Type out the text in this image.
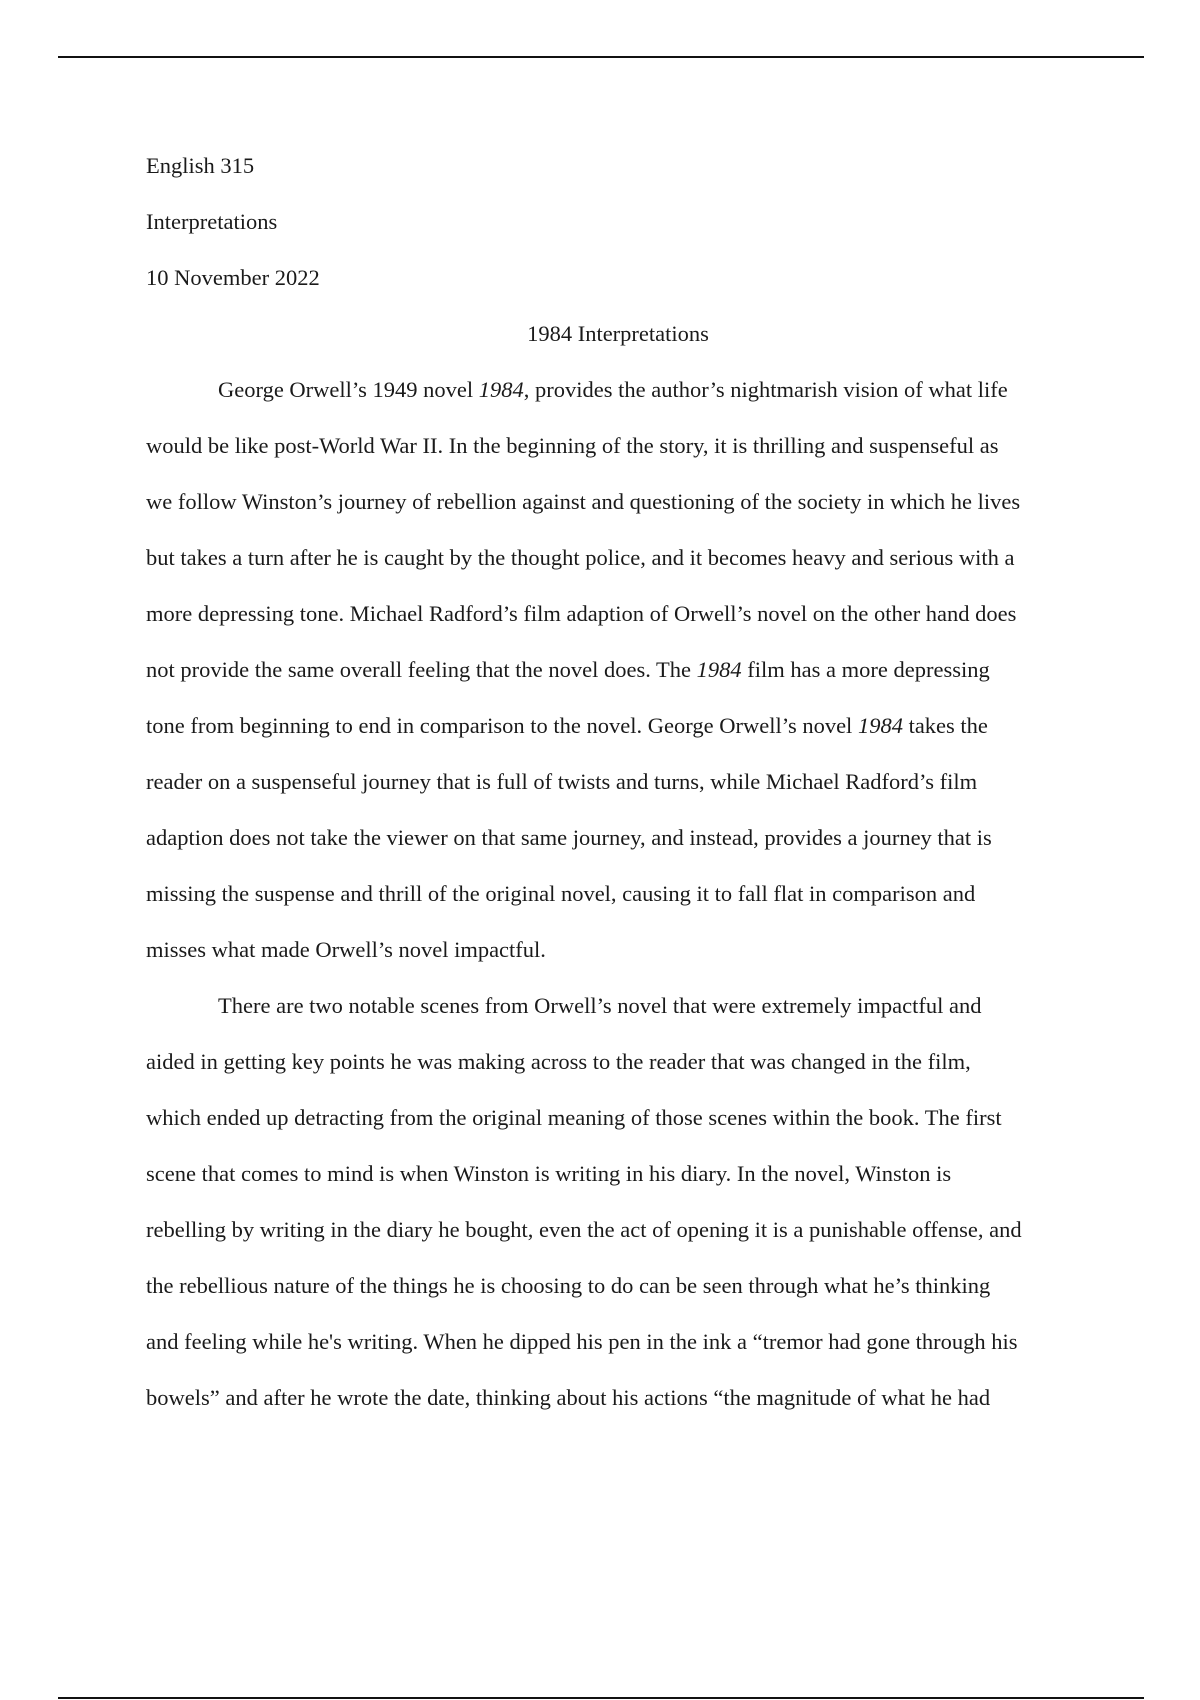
English 315

Interpretations

10 November 2022

1984 Interpretations

George Orwell’s 1949 novel 1984, provides the author’s nightmarish vision of what life
would be like post-World War II. In the beginning of the story, it is thrilling and suspenseful as
we follow Winston’s journey of rebellion against and questioning of the society in which he lives
but takes a turn after he is caught by the thought police, and it becomes heavy and serious with a
more depressing tone. Michael Radford’s film adaption of Orwell’s novel on the other hand does
not provide the same overall feeling that the novel does. The 1984 film has a more depressing
tone from beginning to end in comparison to the novel. George Orwell’s novel 1984 takes the
reader on a suspenseful journey that is full of twists and turns, while Michael Radford’s film
adaption does not take the viewer on that same journey, and instead, provides a journey that is
missing the suspense and thrill of the original novel, causing it to fall flat in comparison and
misses what made Orwell’s novel impactful.

There are two notable scenes from Orwell’s novel that were extremely impactful and
aided in getting key points he was making across to the reader that was changed in the film,
which ended up detracting from the original meaning of those scenes within the book. The first
scene that comes to mind is when Winston is writing in his diary. In the novel, Winston is
rebelling by writing in the diary he bought, even the act of opening it is a punishable offense, and
the rebellious nature of the things he is choosing to do can be seen through what he’s thinking
and feeling while he's writing. When he dipped his pen in the ink a “tremor had gone through his
bowels” and after he wrote the date, thinking about his actions “the magnitude of what he had
